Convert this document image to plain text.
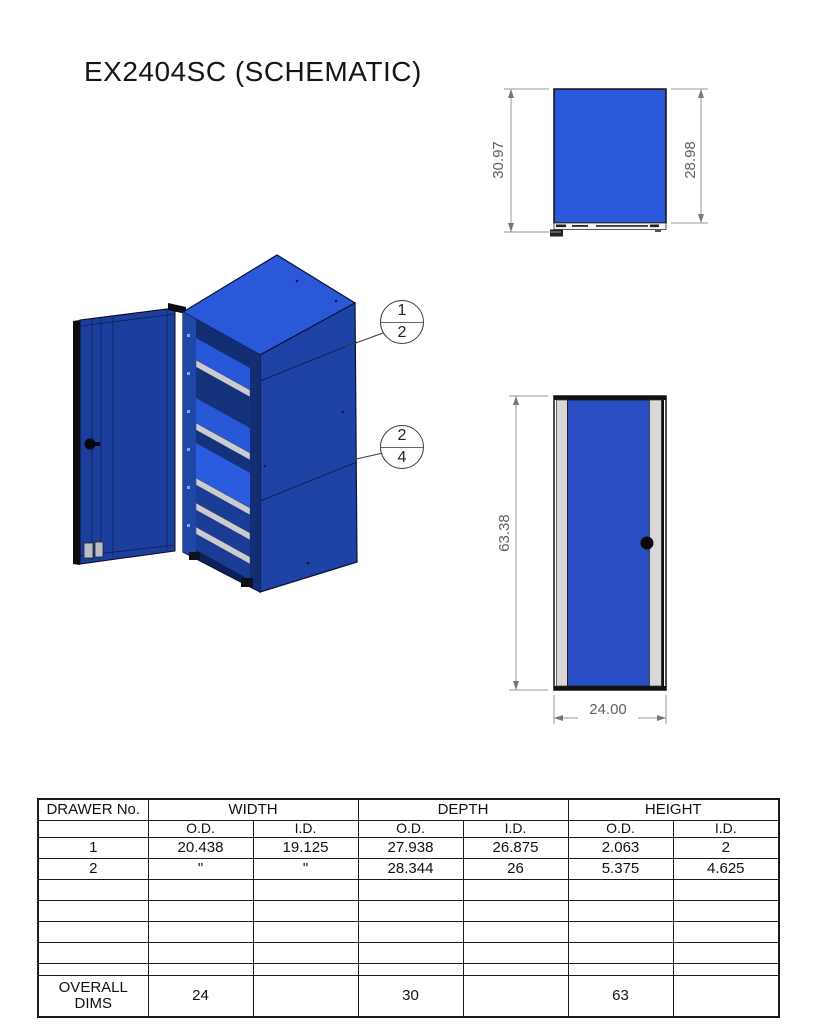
EX2404SC (SCHEMATIC)
30.97	28.98
63.38
24.00
1
2
2
4
DRAWER No.	WIDTH		DEPTH		HEIGHT	
	O.D.	I.D.	O.D.	I.D.	O.D.	I.D.
1	20.438	19.125	27.938	26.875	2.063	2
2	"	"	28.344	26	5.375	4.625

OVERALL
DIMS	24		30		63	
